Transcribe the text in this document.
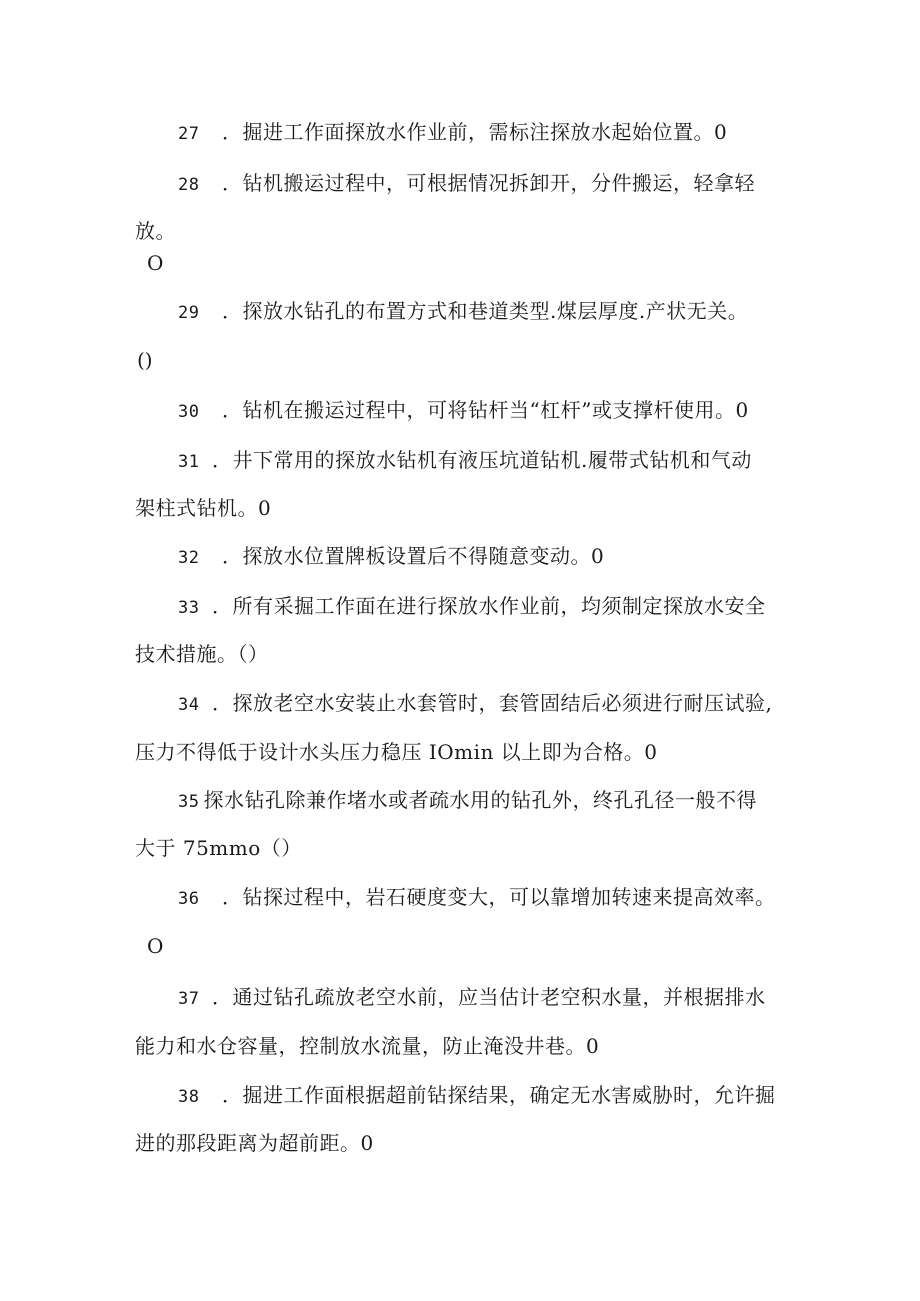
27 ．掘进工作面探放水作业前，需标注探放水起始位置。0
28 ．钻机搬运过程中，可根据情况拆卸开，分件搬运，轻拿轻
放。
O
29 ．探放水钻孔的布置方式和巷道类型.煤层厚度.产状无关。
()
30 ．钻机在搬运过程中，可将钻杆当“杠杆”或支撑杆使用。0
31 ．井下常用的探放水钻机有液压坑道钻机.履带式钻机和气动
架柱式钻机。0
32 ．探放水位置牌板设置后不得随意变动。0
33 ．所有采掘工作面在进行探放水作业前，均须制定探放水安全
技术措施。（）
34 ．探放老空水安装止水套管时，套管固结后必须进行耐压试验,
压力不得低于设计水头压力稳压 IOmin 以上即为合格。0
35 探水钻孔除兼作堵水或者疏水用的钻孔外，终孔孔径一般不得
大于 75mmo（）
36 ．钻探过程中，岩石硬度变大，可以靠增加转速来提高效率。
O
37 ．通过钻孔疏放老空水前，应当估计老空积水量，并根据排水
能力和水仓容量，控制放水流量，防止淹没井巷。0
38 ．掘进工作面根据超前钻探结果，确定无水害威胁时，允许掘
进的那段距离为超前距。0
